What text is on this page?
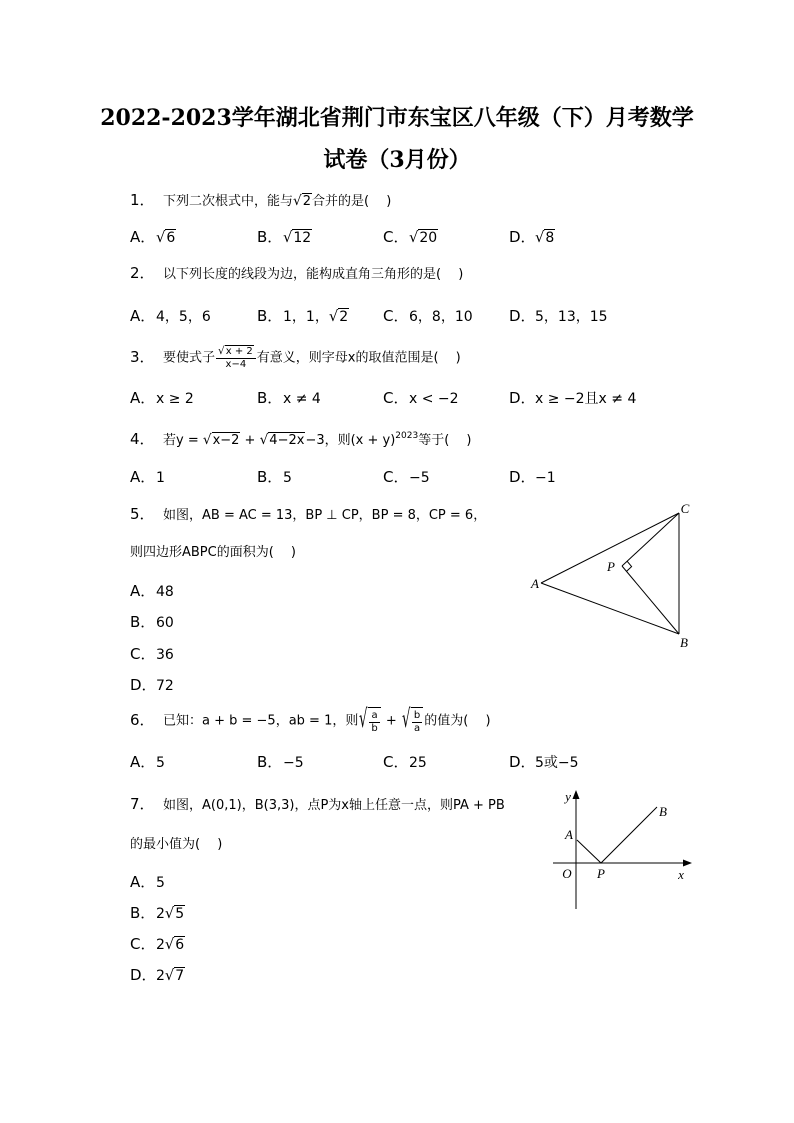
2022-2023学年湖北省荆门市东宝区八年级（下）月考数学
试卷（3月份）
1． 下列二次根式中，能与√2合并的是(　 )
A．√6	B．√12	C．√20	D．√8
2． 以下列长度的线段为边，能构成直角三角形的是(　 )
A．4，5，6	B．1，1，√2 C．6，8，10 D．5，13，15
3． 要使式子 $\frac{√x + 2}{x-4}$ 有意义，则字母x的取值范围是(　 )
A．x ≥ 2	B．x ≠ 4	C．x < −2	D．x ≥ −2且x ≠ 4
4． 若y = √x−2 + √4−2x−3，则$(x + y)^{2023}$等于(　 )
A．1	B．5	C．−5	D．−1
5． 如图，AB = AC = 13，BP ⊥ CP，BP = 8，CP = 6，
则四边形ABPC的面积为(　 )
A．48
B．60
C．36
D．72
C
A
B
P
6． 已知：a + b = −5，ab = 1，则 √ $\frac{a}{b}$ + √ $\frac{b}{a}$ 的值为(　 )
A．5	B．−5	C．25	D．5或−5
7． 如图，A(0,1)，B(3,3)，点P为x轴上任意一点，则PA + PB
的最小值为(　 )
A．5
B．2√5
C．2√6
D．2√7
y
A
O P	x
B
